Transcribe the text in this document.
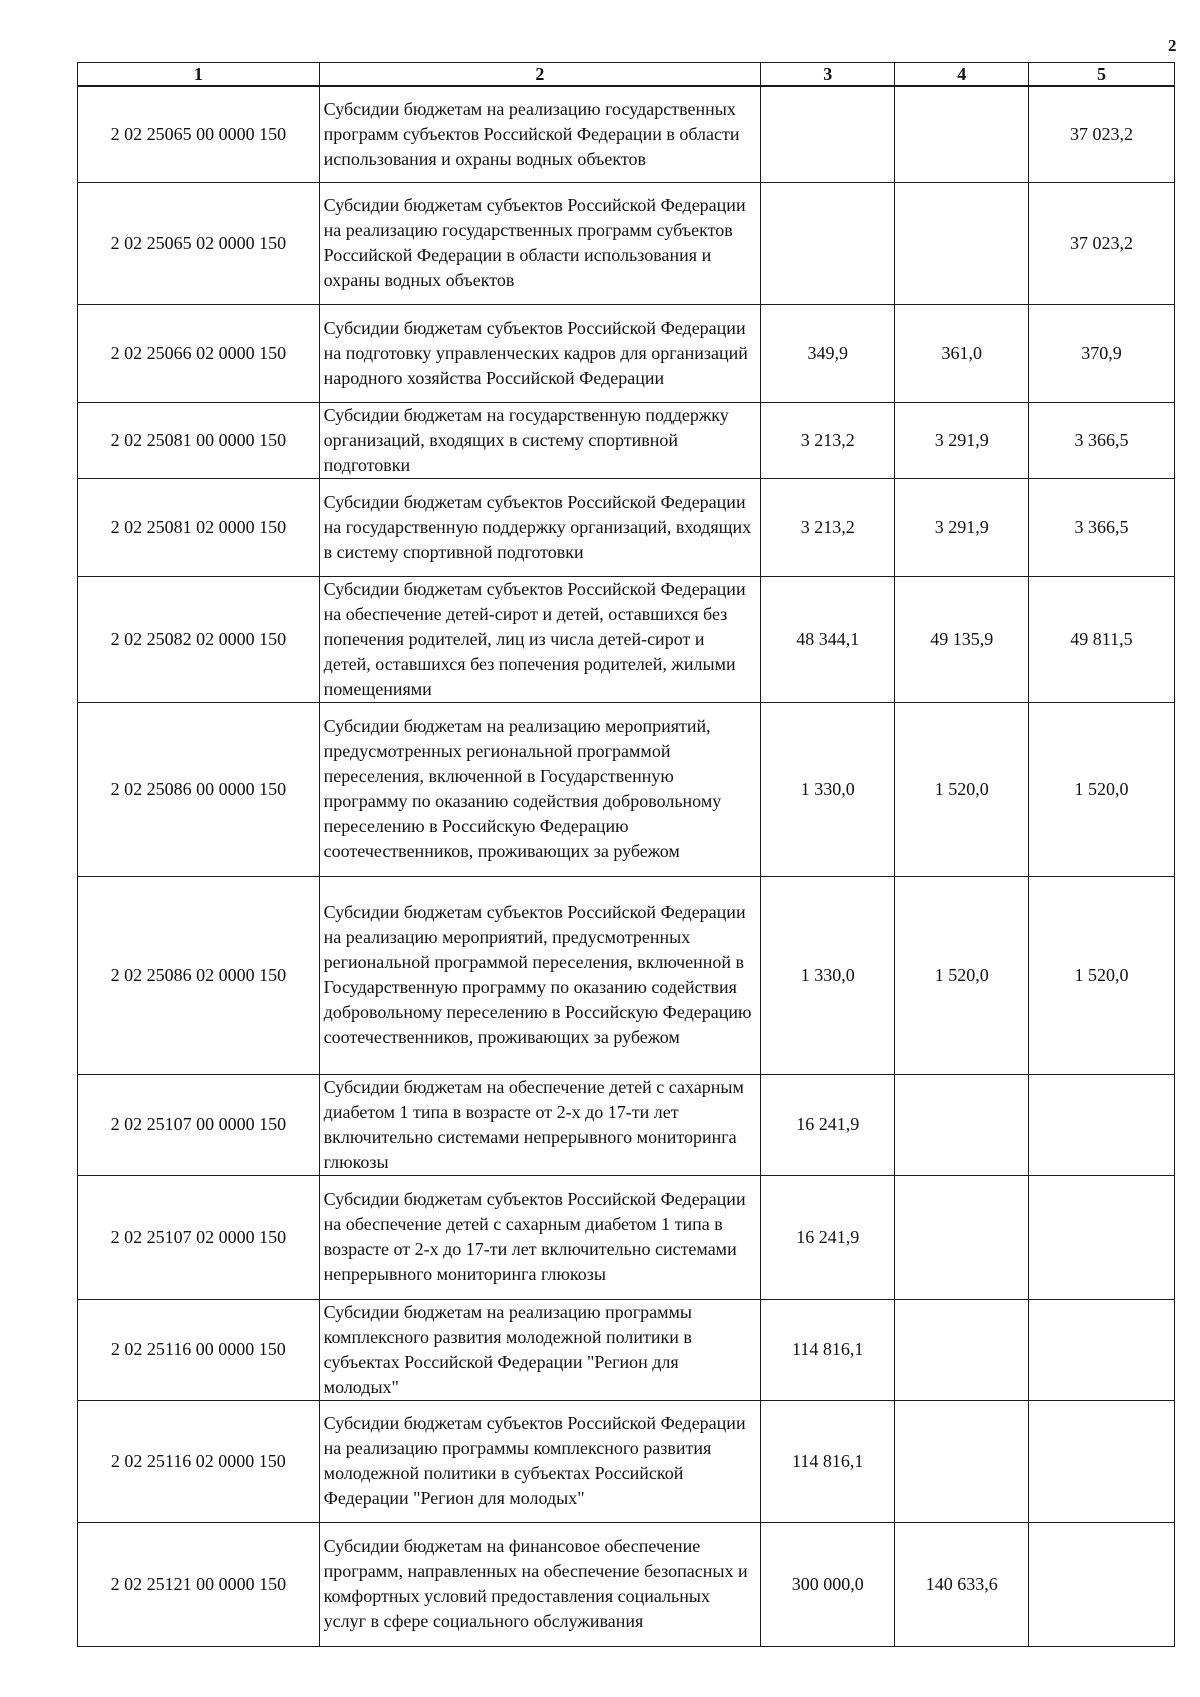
2
1	2	3	4	5
2 02 25065 00 0000 150	Субсидии бюджетам на реализацию государственных программ субъектов Российской Федерации в области использования и охраны водных объектов			37 023,2
2 02 25065 02 0000 150	Субсидии бюджетам субъектов Российской Федерации на реализацию государственных программ субъектов Российской Федерации в области использования и охраны водных объектов			37 023,2
2 02 25066 02 0000 150	Субсидии бюджетам субъектов Российской Федерации на подготовку управленческих кадров для организаций народного хозяйства Российской Федерации	349,9	361,0	370,9
2 02 25081 00 0000 150	Субсидии бюджетам на государственную поддержку организаций, входящих в систему спортивной подготовки	3 213,2	3 291,9	3 366,5
2 02 25081 02 0000 150	Субсидии бюджетам субъектов Российской Федерации на государственную поддержку организаций, входящих в систему спортивной подготовки	3 213,2	3 291,9	3 366,5
2 02 25082 02 0000 150	Субсидии бюджетам субъектов Российской Федерации на обеспечение детей-сирот и детей, оставшихся без попечения родителей, лиц из числа детей-сирот и детей, оставшихся без попечения родителей, жилыми помещениями	48 344,1	49 135,9	49 811,5
2 02 25086 00 0000 150	Субсидии бюджетам на реализацию мероприятий, предусмотренных региональной программой переселения, включенной в Государственную программу по оказанию содействия добровольному переселению в Российскую Федерацию соотечественников, проживающих за рубежом	1 330,0	1 520,0	1 520,0
2 02 25086 02 0000 150	Субсидии бюджетам субъектов Российской Федерации на реализацию мероприятий, предусмотренных региональной программой переселения, включенной в Государственную программу по оказанию содействия добровольному переселению в Российскую Федерацию соотечественников, проживающих за рубежом	1 330,0	1 520,0	1 520,0
2 02 25107 00 0000 150	Субсидии бюджетам на обеспечение детей с сахарным диабетом 1 типа в возрасте от 2-х до 17-ти лет включительно системами непрерывного мониторинга глюкозы	16 241,9		
2 02 25107 02 0000 150	Субсидии бюджетам субъектов Российской Федерации на обеспечение детей с сахарным диабетом 1 типа в возрасте от 2-х до 17-ти лет включительно системами непрерывного мониторинга глюкозы	16 241,9		
2 02 25116 00 0000 150	Субсидии бюджетам на реализацию программы комплексного развития молодежной политики в субъектах Российской Федерации "Регион для молодых"	114 816,1		
2 02 25116 02 0000 150	Субсидии бюджетам субъектов Российской Федерации на реализацию программы комплексного развития молодежной политики в субъектах Российской Федерации "Регион для молодых"	114 816,1		
2 02 25121 00 0000 150	Субсидии бюджетам на финансовое обеспечение программ, направленных на обеспечение безопасных и комфортных условий предоставления социальных услуг в сфере социального обслуживания	300 000,0	140 633,6	
